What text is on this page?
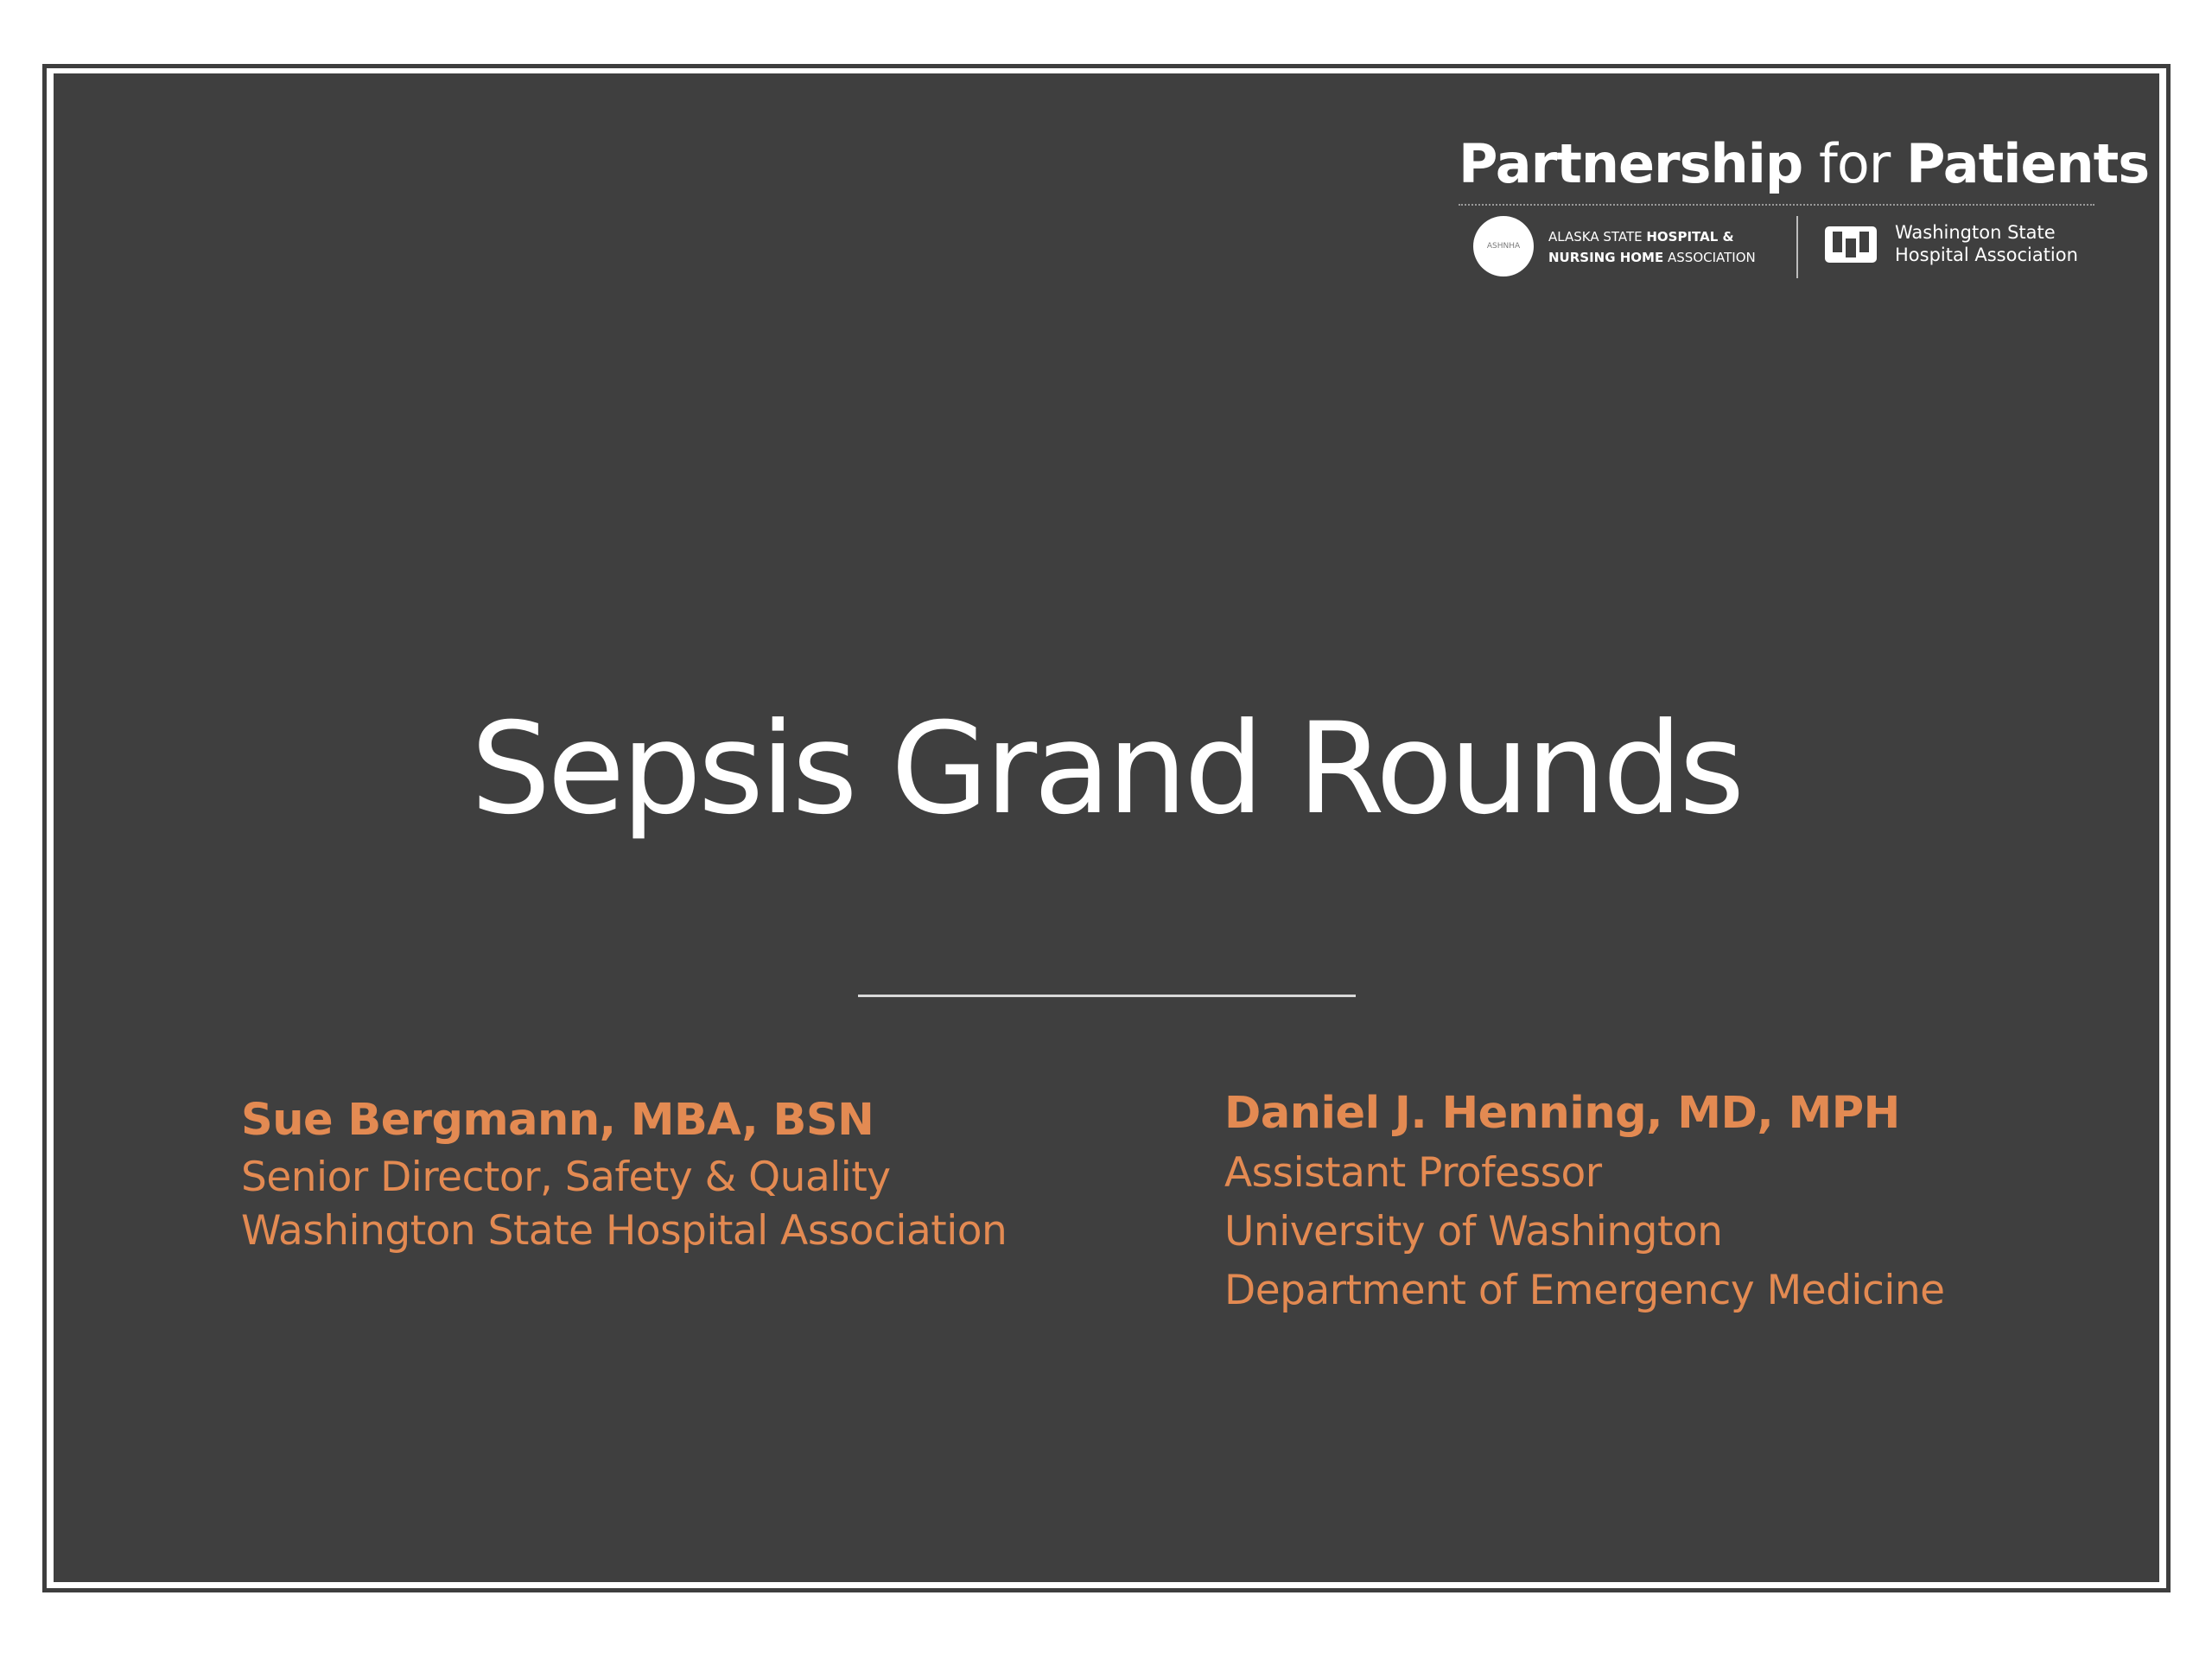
Partnership for Patients
ASHNHA
ALASKA STATE HOSPITAL &
NURSING HOME ASSOCIATION
Washington State
Hospital Association
Sepsis Grand Rounds
Sue Bergmann, MBA, BSN
Senior Director, Safety & Quality
Washington State Hospital Association
Daniel J. Henning, MD, MPH
Assistant Professor
University of Washington
Department of Emergency Medicine
